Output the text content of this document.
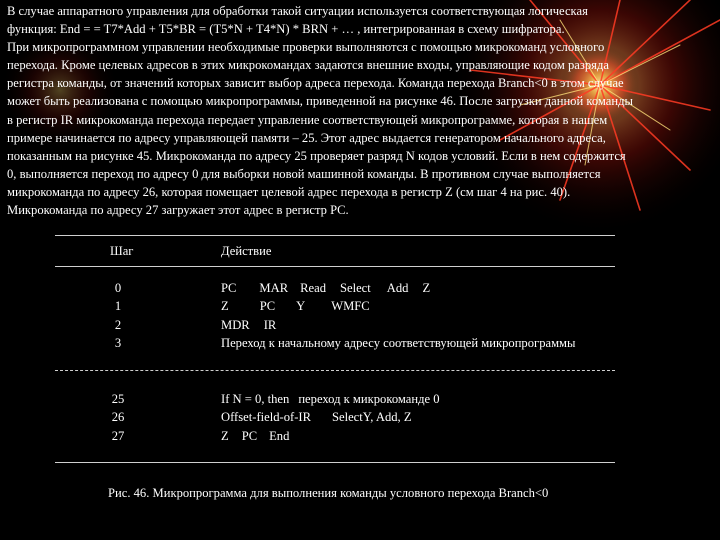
В случае аппаратного управления для обработки такой ситуации используется соответствующая логическая
функция: End = = T7*Add + T5*BR = (T5*N + T4*N) * BRN + … , интегрированная в схему шифратора.
При микропрограммном управлении необходимые проверки выполняются с помощью микрокоманд условного
перехода. Кроме целевых адресов в этих микрокомандах задаются внешние входы, управляющие кодом разряда
регистра команды, от значений которых зависит выбор адреса перехода. Команда перехода Branch<0 в этом случае
может быть реализована с помощью микропрограммы, приведенной на рисунке 46. После загрузки данной команды
в регистр IR микрокоманда перехода передает управление соответствующей микропрограмме, которая в нашем
примере начинается по адресу управляющей памяти – 25. Этот адрес выдается генератором начального адреса,
показанным на рисунке 45. Микрокоманда по адресу 25 проверяет разряд N кодов условий. Если в нем содержится
0, выполняется переход по адресу 0 для выборки новой машинной команды. В противном случае выполняется
микрокоманда по адресу 26, которая помещает целевой адрес перехода в регистр Z (см шаг 4 на рис. 40).
Микрокоманда по адресу 27 загружает этот адрес в регистр PC.
Шаг	Действие
0	PC MAR Read Select Add Z
1	Z PC Y WMFC
2	MDR IR
3	Переход к начальному адресу соответствующей микропрограммы
25	If N = 0, then переход к микрокоманде 0
26	Offset-field-of-IR SelectY, Add, Z
27	Z PC End
Рис. 46. Микропрограмма для выполнения команды условного перехода Branch<0
